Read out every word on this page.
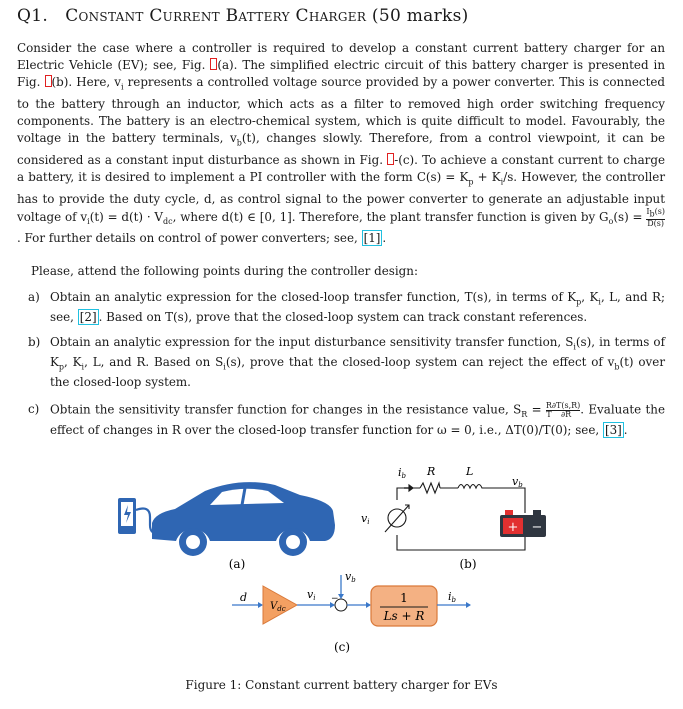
Q1. Constant Current Battery Charger (50 marks)

Consider the case where a controller is required to develop a constant current battery charger for an Electric Vehicle (EV); see, Fig. (a). The simplified electric circuit of this battery charger is presented in Fig. (b). Here, $v_i$ represents a controlled voltage source provided by a power converter. This is connected to the battery through an inductor, which acts as a filter to removed high order switching frequency components. The battery is an electro-chemical system, which is quite difficult to model. Favourably, the voltage in the battery terminals, $v_b(t)$, changes slowly. Therefore, from a control viewpoint, it can be considered as a constant input disturbance as shown in Fig. -(c). To achieve a constant current to charge a battery, it is desired to implement a PI controller with the form $C(s) = K_p + K_i/s$. However, the controller has to provide the duty cycle, d, as control signal to the power converter to generate an adjustable input voltage of $v_i(t) = d(t) \cdot V_{dc}$, where d(t) ∈ [0, 1]. Therefore, the plant transfer function is given by $G_o(s) = \frac{I_b(s)}{D(s)}$. For further details on control of power converters; see, [1] .

Please, attend the following points during the controller design:

a) Obtain an analytic expression for the closed-loop transfer function, T(s), in terms of $K_p$, $K_i$, L, and R; see, [2] . Based on T(s), prove that the closed-loop system can track constant references.
b) Obtain an analytic expression for the input disturbance sensitivity transfer function, $S_i(s)$, in terms of $K_p$, $K_i$, L, and R. Based on $S_i(s)$, prove that the closed-loop system can reject the effect of $v_b(t)$ over the closed-loop system.
c) Obtain the sensitivity transfer function for changes in the resistance value, $S_R = \frac{R}{T} \frac{\partial T(s,R)}{\partial R}$. Evaluate the effect of changes in R over the closed-loop transfer function for ω = 0, i.e., ΔT(0)/T(0); see, [3] .
(a)
+ −
ib R	L
vb
vi
(b)
d
$V_{dc}$
vi
vb
−	1
Ls + R
ib
(c)
Figure 1: Constant current battery charger for EVs
